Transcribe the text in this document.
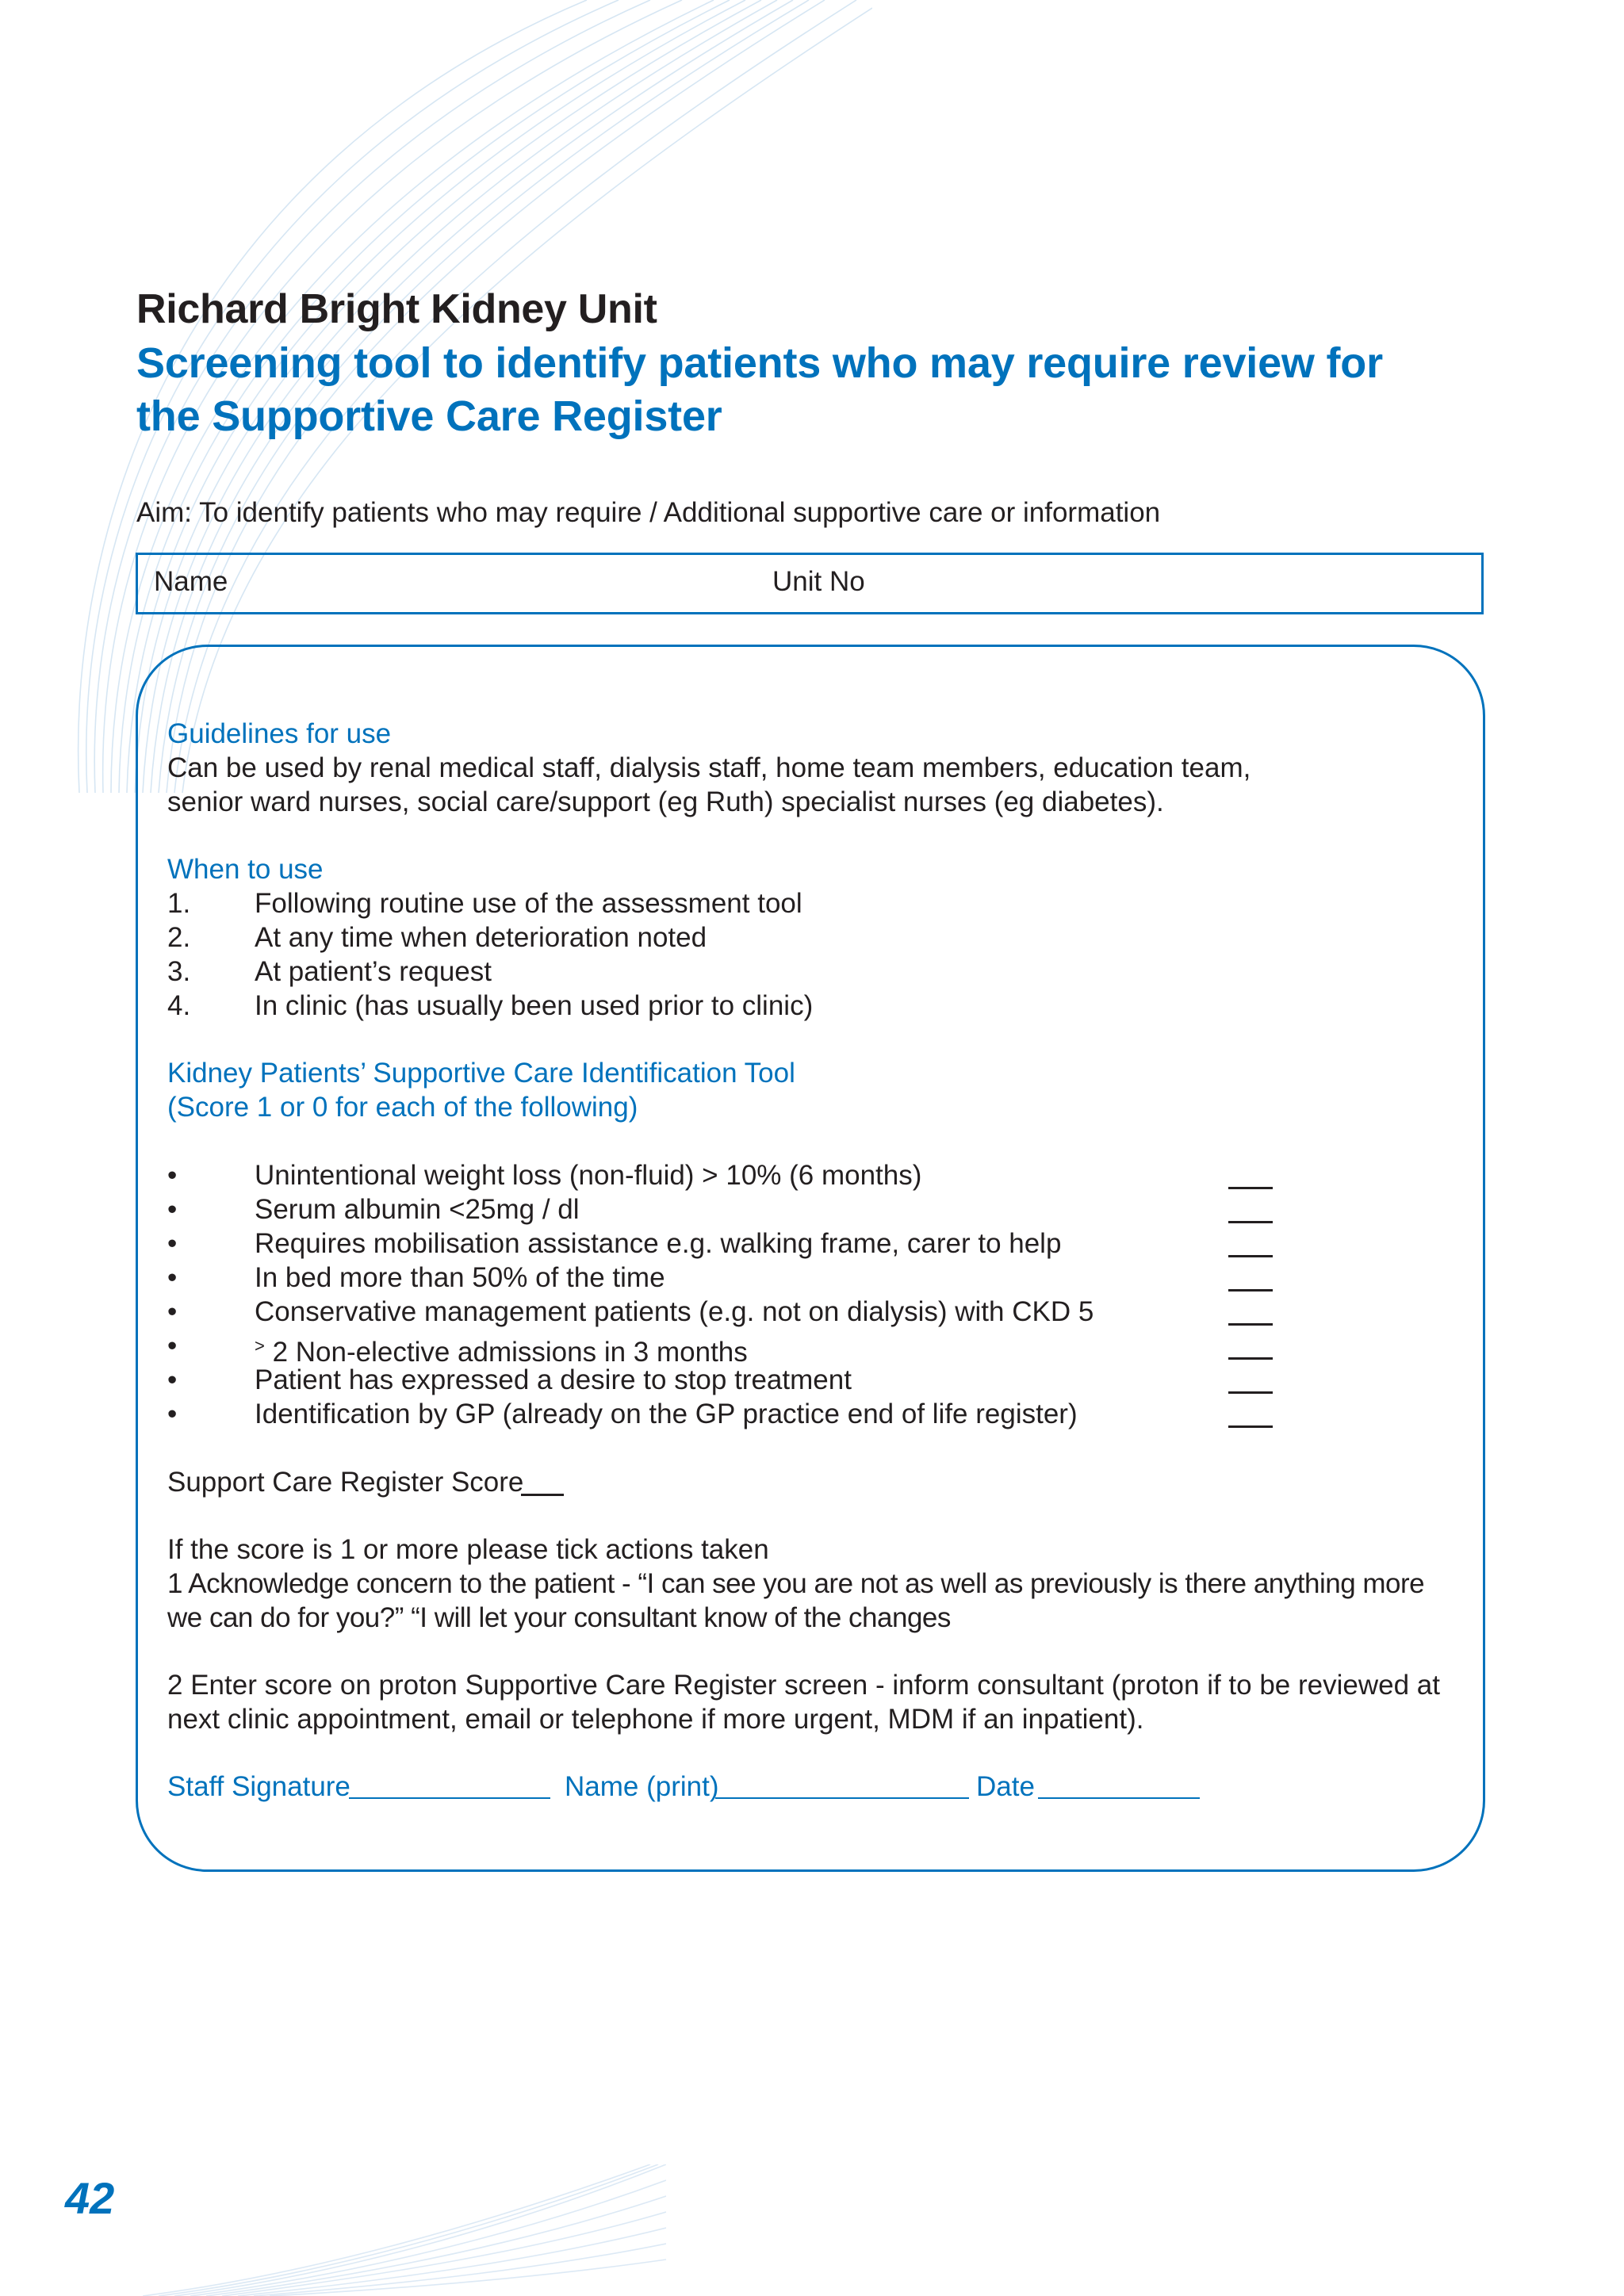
Richard Bright Kidney Unit
Screening tool to identify patients who may require review for
the Supportive Care Register
Aim: To identify patients who may require / Additional supportive care or information
Name	Unit No
Guidelines for use
Can be used by renal medical staff, dialysis staff, home team members, education team,
senior ward nurses, social care/support (eg Ruth) specialist nurses (eg diabetes).
When to use
1. Following routine use of the assessment tool
2. At any time when deterioration noted
3. At patient’s request
4. In clinic (has usually been used prior to clinic)
Kidney Patients’ Supportive Care Identification Tool
(Score 1 or 0 for each of the following)
•	Unintentional weight loss (non-fluid) > 10% (6 months)
•	Serum albumin <25mg / dl
•	Requires mobilisation assistance e.g. walking frame, carer to help
•	In bed more than 50% of the time
•	Conservative management patients (e.g. not on dialysis) with CKD 5
•	> 2 Non-elective admissions in 3 months
•	Patient has expressed a desire to stop treatment
•	Identification by GP (already on the GP practice end of life register)
Support Care Register Score
If the score is 1 or more please tick actions taken
1 Acknowledge concern to the patient - “I can see you are not as well as previously is there anything more
we can do for you?” “I will let your consultant know of the changes
2 Enter score on proton Supportive Care Register screen - inform consultant (proton if to be reviewed at
next clinic appointment, email or telephone if more urgent, MDM if an inpatient).
Staff Signature	Name (print)	Date
42
